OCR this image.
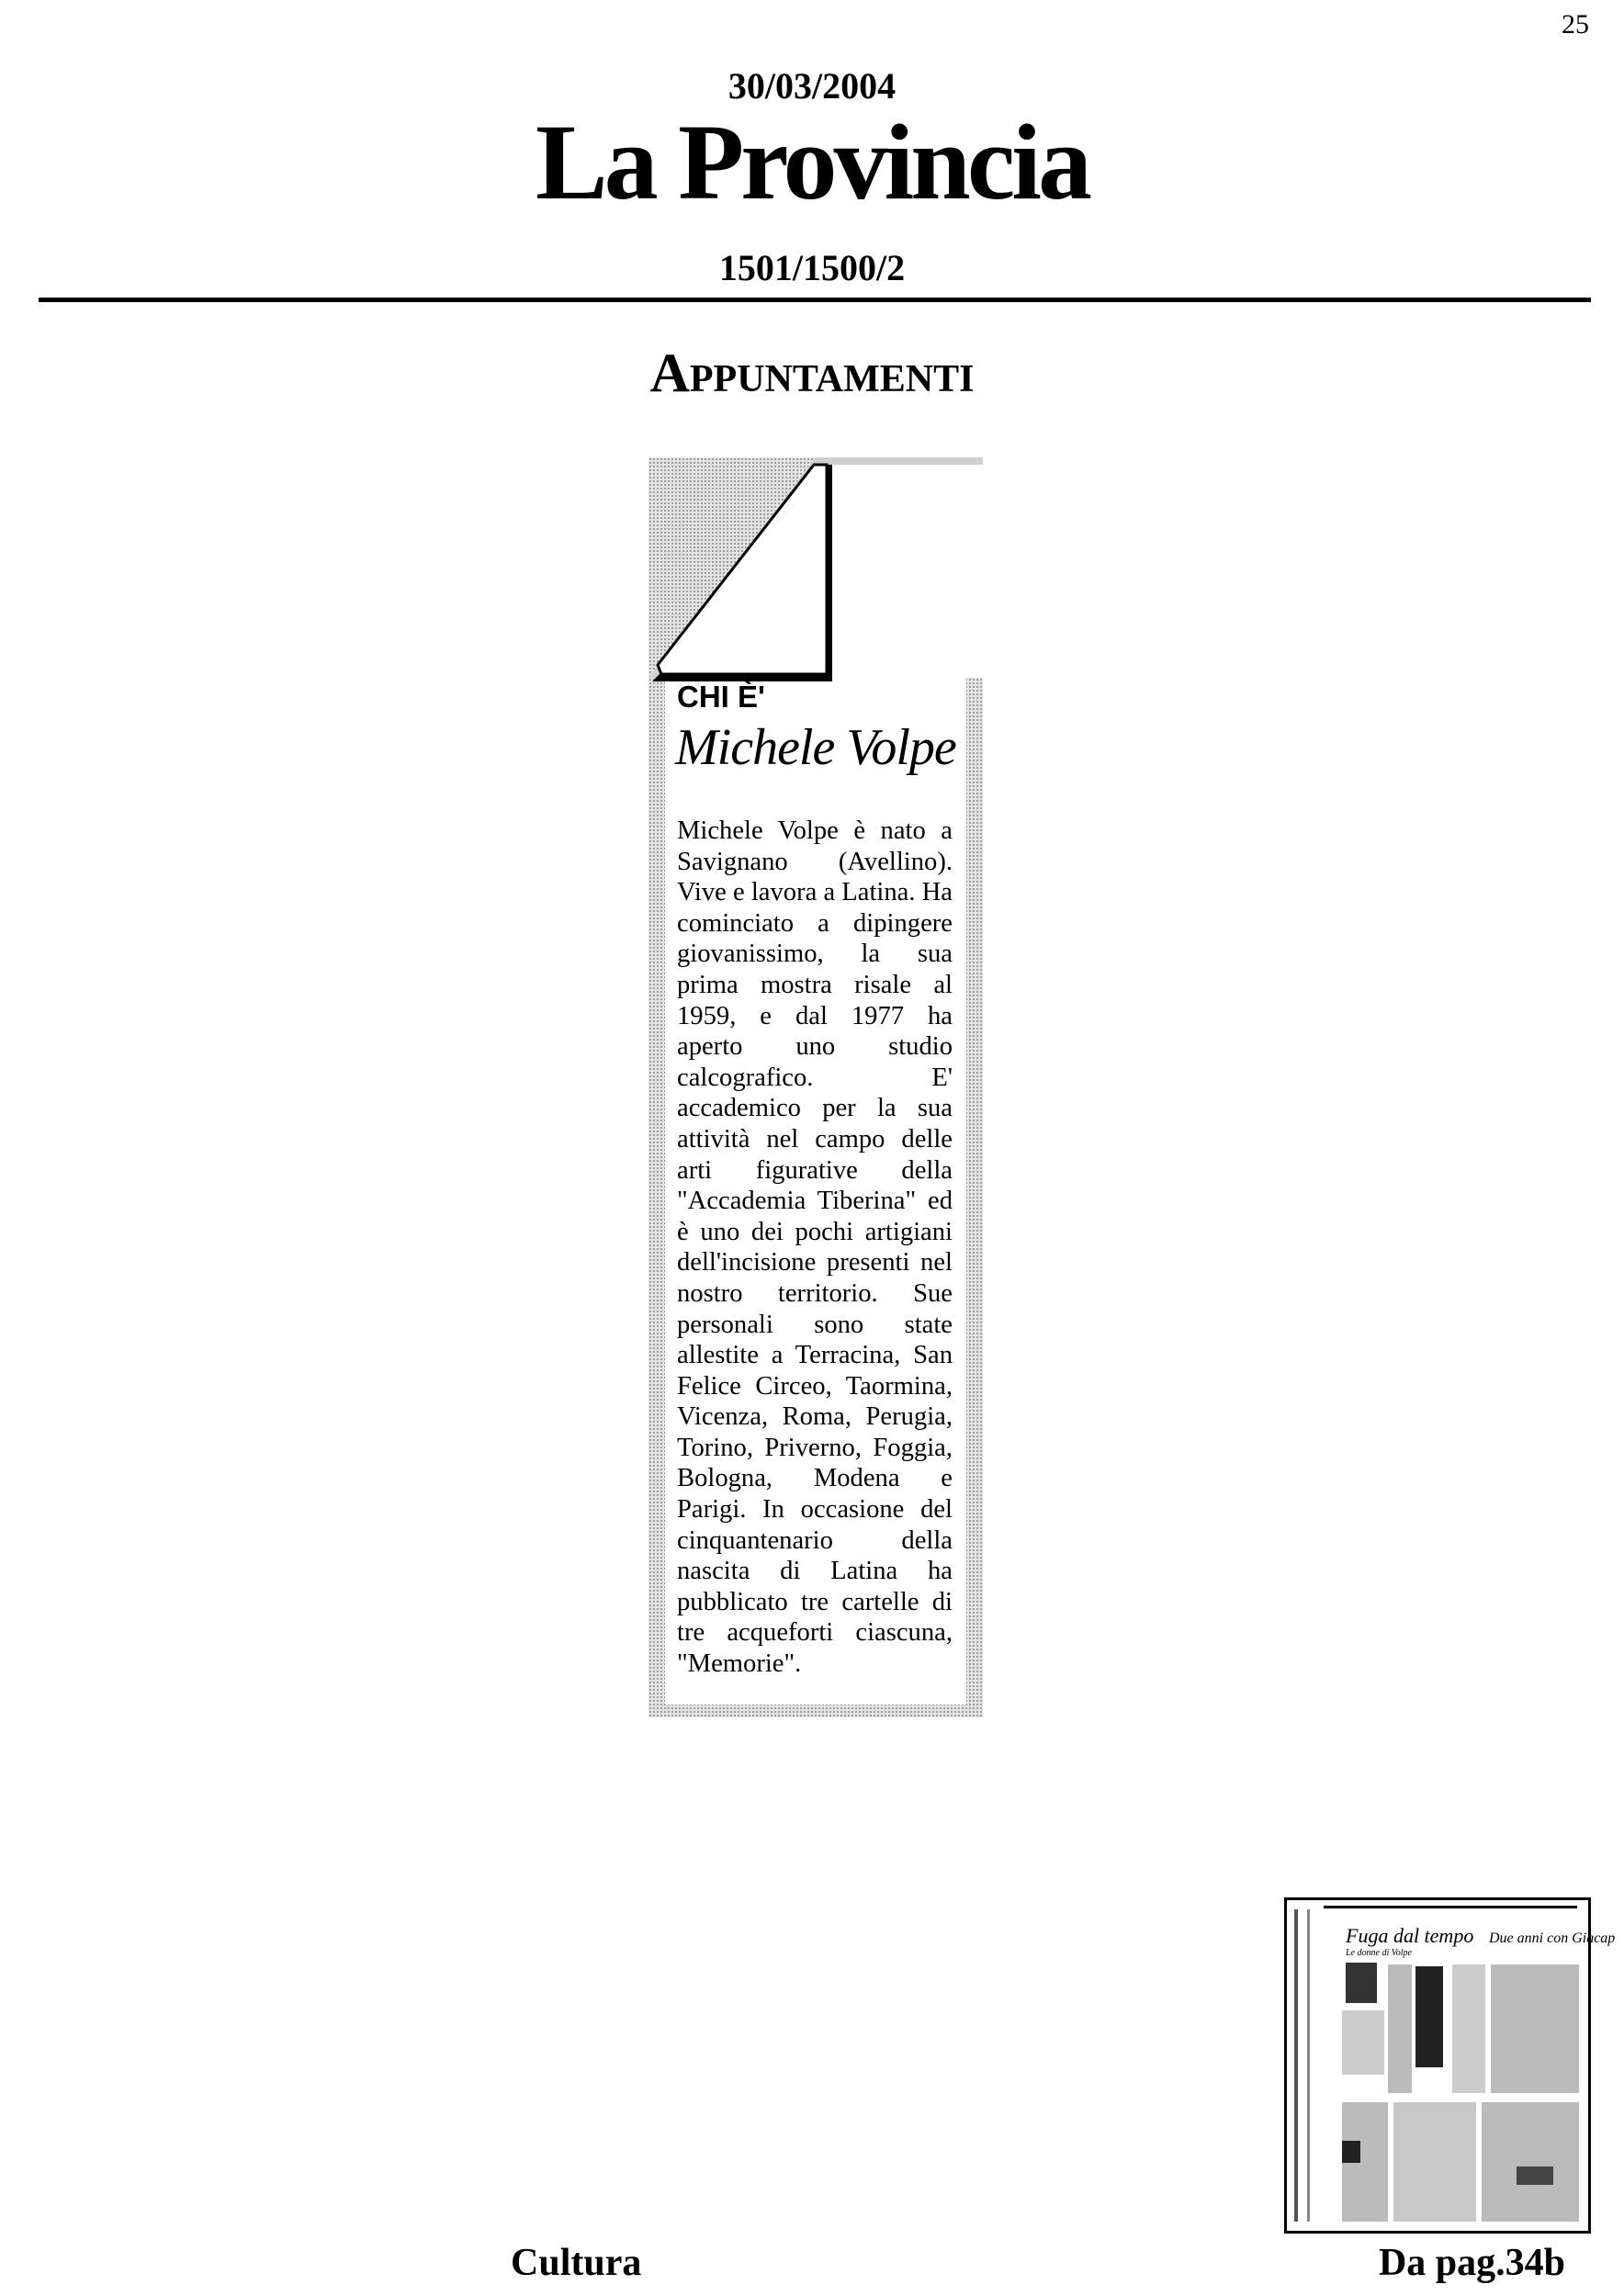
25
30/03/2004
La Provincia
1501/1500/2
Appuntamenti
CHI È'
Michele Volpe

Michele Volpe è nato a Savignano (Avellino). Vive e lavora a Latina. Ha cominciato a dipingere giovanissimo, la sua prima mostra risale al 1959, e dal 1977 ha aperto uno studio calcografico. E' accademico per la sua attività nel campo delle arti figurative della "Accademia Tiberina" ed è uno dei pochi artigiani dell'incisione presenti nel nostro territorio. Sue personali sono state allestite a Terracina, San Felice Circeo, Taormina, Vicenza, Roma, Perugia, Torino, Priverno, Foggia, Bologna, Modena e Parigi. In occasione del cinquantenario della nascita di Latina ha pubblicato tre cartelle di tre acqueforti ciascuna, "Memorie".

Fuga dal tempo
Le donne di Volpe
Due anni con Giacap
Cultura	Da pag.34b
